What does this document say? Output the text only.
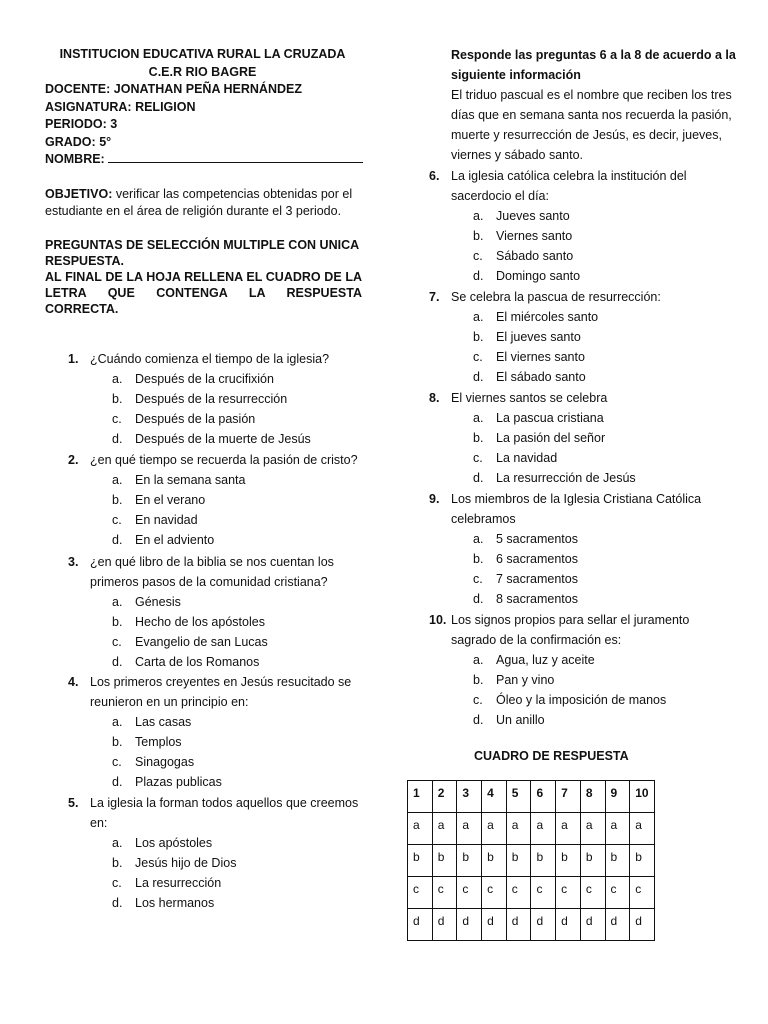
INSTITUCION EDUCATIVA RURAL LA CRUZADA
C.E.R RIO BAGRE
DOCENTE: JONATHAN PEÑA HERNÁNDEZ
ASIGNATURA: RELIGION
PERIODO: 3
GRADO: 5°
NOMBRE:
OBJETIVO: verificar las competencias obtenidas por el estudiante en el área de religión durante el 3 periodo.

PREGUNTAS DE SELECCIÓN MULTIPLE CON UNICA RESPUESTA.

AL FINAL DE LA HOJA RELLENA EL CUADRO DE LA LETRA QUE CONTENGA LA RESPUESTA CORRECTA.

1. ¿Cuándo comienza el tiempo de la iglesia?
a. Después de la crucifixión
b. Después de la resurrección
c. Después de la pasión
d. Después de la muerte de Jesús
2. ¿en qué tiempo se recuerda la pasión de cristo?
a. En la semana santa
b. En el verano
c. En navidad
d. En el adviento
3. ¿en qué libro de la biblia se nos cuentan los primeros pasos de la comunidad cristiana?
a. Génesis
b. Hecho de los apóstoles
c. Evangelio de san Lucas
d. Carta de los Romanos
4. Los primeros creyentes en Jesús resucitado se reunieron en un principio en:
a. Las casas
b. Templos
c. Sinagogas
d. Plazas publicas
5. La iglesia la forman todos aquellos que creemos en:
a. Los apóstoles
b. Jesús hijo de Dios
c. La resurrección
d. Los hermanos
Responde las preguntas 6 a la 8 de acuerdo a la siguiente información
El triduo pascual es el nombre que reciben los tres días que en semana santa nos recuerda la pasión, muerte y resurrección de Jesús, es decir, jueves, viernes y sábado santo.
6. La iglesia católica celebra la institución del sacerdocio el día:
a. Jueves santo
b. Viernes santo
c. Sábado santo
d. Domingo santo
7. Se celebra la pascua de resurrección:
a. El miércoles santo
b. El jueves santo
c. El viernes santo
d. El sábado santo
8. El viernes santos se celebra
a. La pascua cristiana
b. La pasión del señor
c. La navidad
d. La resurrección de Jesús
9. Los miembros de la Iglesia Cristiana Católica celebramos
a. 5 sacramentos
b. 6 sacramentos
c. 7 sacramentos
d. 8 sacramentos
10. Los signos propios para sellar el juramento sagrado de la confirmación es:
a. Agua, luz y aceite
b. Pan y vino
c. Óleo y la imposición de manos
d. Un anillo
CUADRO DE RESPUESTA
1	2	3	4	5	6	7	8	9	10
a	a	a	a	a	a	a	a	a	a
b	b	b	b	b	b	b	b	b	b
c	c	c	c	c	c	c	c	c	c
d	d	d	d	d	d	d	d	d	d
